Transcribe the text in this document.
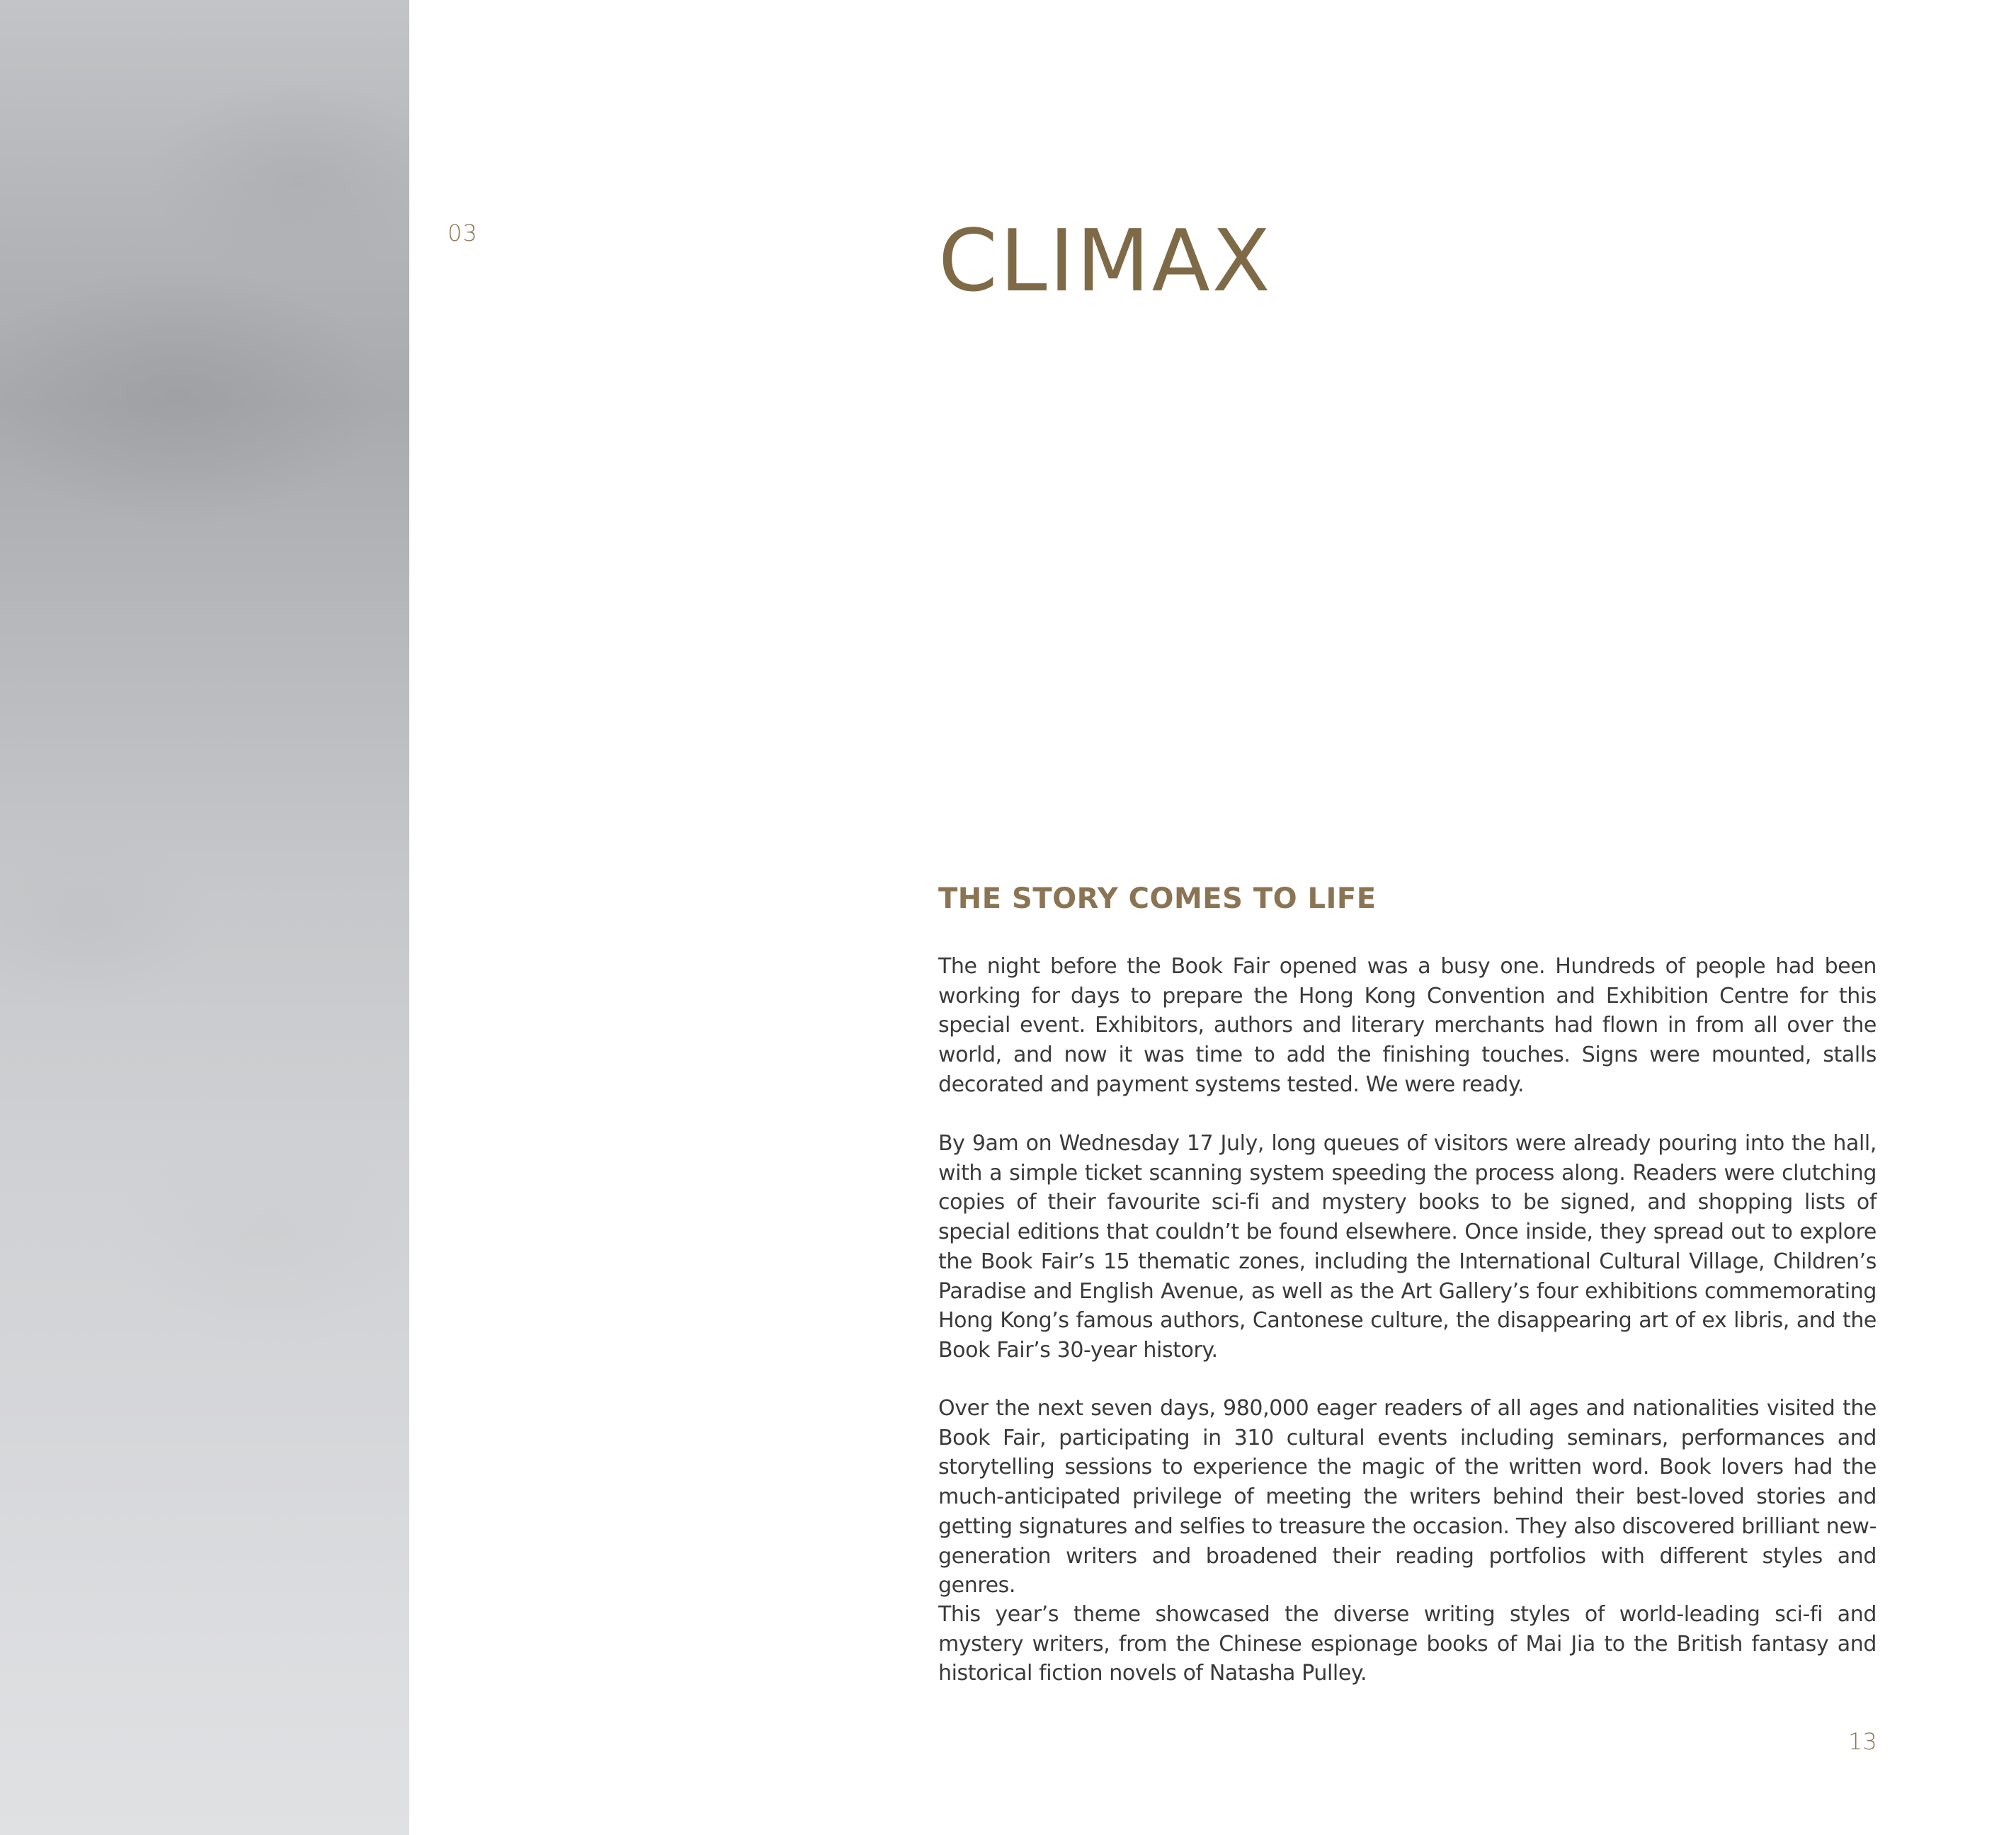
03	CLIMAX
THE STORY COMES TO LIFE

The night before the Book Fair opened was a busy one. Hundreds of people had been working for days to prepare the Hong Kong Convention and Exhibition Centre for this special event. Exhibitors, authors and literary merchants had flown in from all over the world, and now it was time to add the finishing touches. Signs were mounted, stalls decorated and payment systems tested. We were ready.

By 9am on Wednesday 17 July, long queues of visitors were already pouring into the hall, with a simple ticket scanning system speeding the process along. Readers were clutching copies of their favourite sci-fi and mystery books to be signed, and shopping lists of special editions that couldn’t be found elsewhere. Once inside, they spread out to explore the Book Fair’s 15 thematic zones, including the International Cultural Village, Children’s Paradise and English Avenue, as well as the Art Gallery’s four exhibitions commemorating Hong Kong’s famous authors, Cantonese culture, the disappearing art of ex libris, and the Book Fair’s 30-year history.

Over the next seven days, 980,000 eager readers of all ages and nationalities visited the Book Fair, participating in 310 cultural events including seminars, performances and storytelling sessions to experience the magic of the written word. Book lovers had the much-anticipated privilege of meeting the writers behind their best-loved stories and getting signatures and selfies to treasure the occasion. They also discovered brilliant new-generation writers and broadened their reading portfolios with different styles and genres.

This year’s theme showcased the diverse writing styles of world-leading sci-fi and mystery writers, from the Chinese espionage books of Mai Jia to the British fantasy and historical fiction novels of Natasha Pulley.

13
